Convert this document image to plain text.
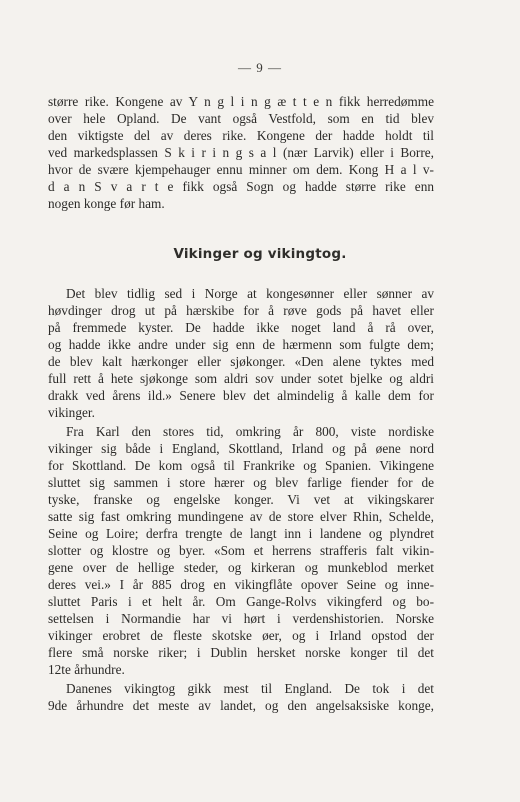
— 9 —
større rike. Kongene av Y n g l i n g æ t t e n fikk herredømme
over hele Opland. De vant også Vestfold, som en tid blev
den viktigste del av deres rike. Kongene der hadde holdt til
ved markedsplassen S k i r i n g s a l (nær Larvik) eller i Borre,
hvor de svære kjempehauger ennu minner om dem. Kong H a l v-
d a n S v a r t e fikk også Sogn og hadde større rike enn
nogen konge før ham.
Vikinger og vikingtog.
Det blev tidlig sed i Norge at kongesønner eller sønner av
høvdinger drog ut på hærskibe for å røve gods på havet eller
på fremmede kyster. De hadde ikke noget land å rå over,
og hadde ikke andre under sig enn de hærmenn som fulgte dem;
de blev kalt hærkonger eller sjøkonger. «Den alene tyktes med
full rett å hete sjøkonge som aldri sov under sotet bjelke og aldri
drakk ved årens ild.» Senere blev det almindelig å kalle dem for
vikinger.
Fra Karl den stores tid, omkring år 800, viste nordiske
vikinger sig både i England, Skottland, Irland og på øene nord
for Skottland. De kom også til Frankrike og Spanien. Vikingene
sluttet sig sammen i store hærer og blev farlige fiender for de
tyske, franske og engelske konger. Vi vet at vikingskarer
satte sig fast omkring mundingene av de store elver Rhin, Schelde,
Seine og Loire; derfra trengte de langt inn i landene og plyndret
slotter og klostre og byer. «Som et herrens strafferis falt vikin-
gene over de hellige steder, og kirkeran og munkeblod merket
deres vei.» I år 885 drog en vikingflåte opover Seine og inne-
sluttet Paris i et helt år. Om Gange-Rolvs vikingferd og bo-
settelsen i Normandie har vi hørt i verdenshistorien. Norske
vikinger erobret de fleste skotske øer, og i Irland opstod der
flere små norske riker; i Dublin hersket norske konger til det
12te århundre.
Danenes vikingtog gikk mest til England. De tok i det
9de århundre det meste av landet, og den angelsaksiske konge,
